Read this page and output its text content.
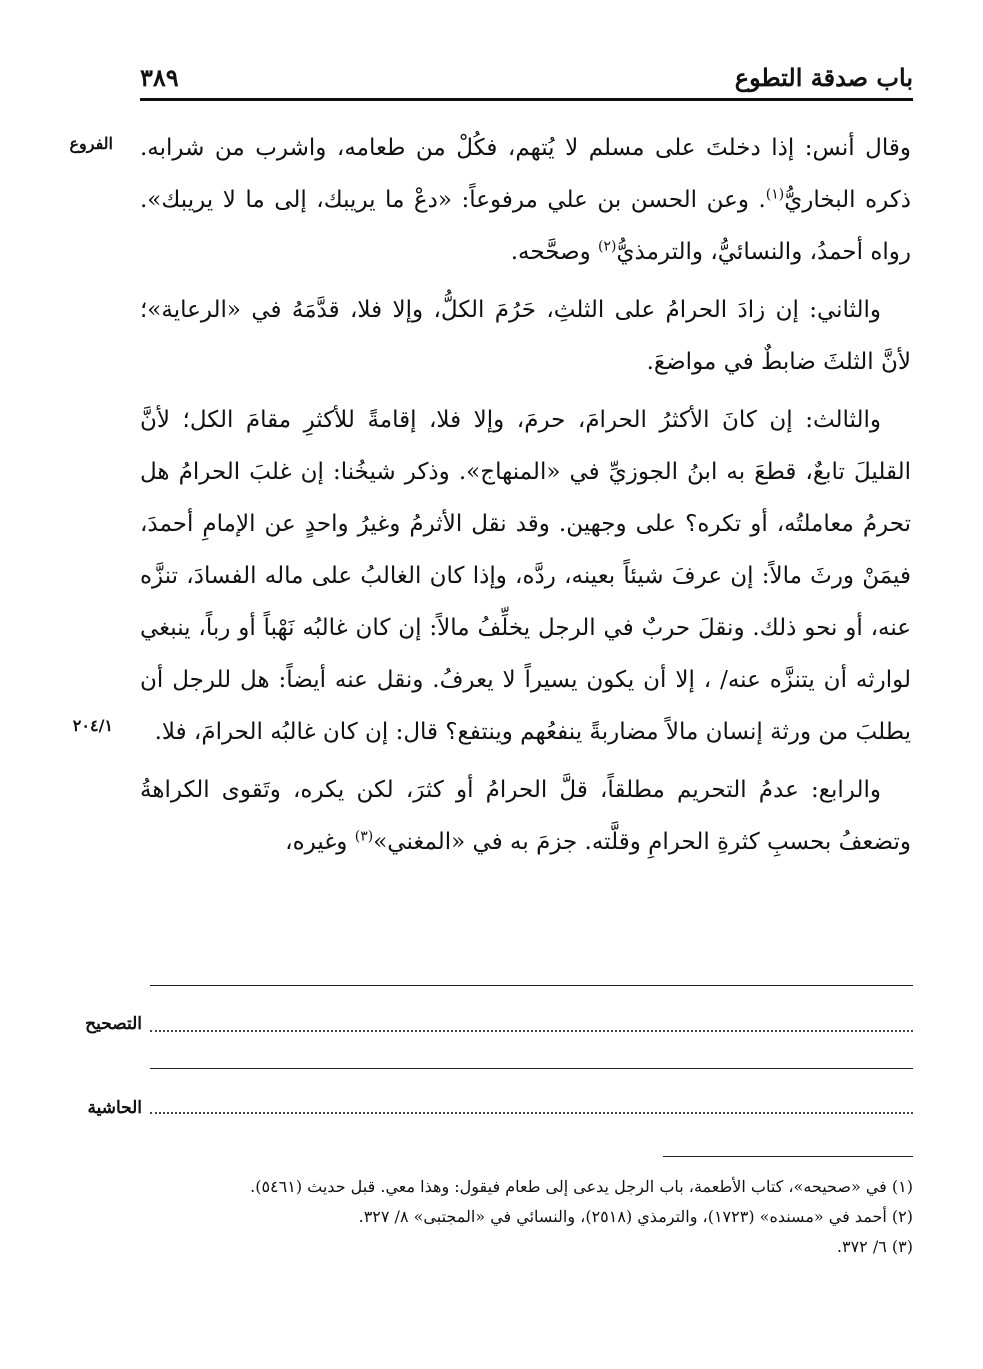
باب صدقة التطوع
٣٨٩
الفروع
٢٠٤/١

وقال أنس: إذا دخلتَ على مسلم لا يُتهم، فكُلْ من طعامه، واشرب من شرابه. ذكره البخاريُّ$^{(١)}$. وعن الحسن بن علي مرفوعاً: «دعْ ما يريبك، إلى ما لا يريبك». رواه أحمدُ، والنسائيُّ، والترمذيُّ$^{(٢)}$ وصحَّحه.

والثاني: إن زادَ الحرامُ على الثلثِ، حَرُمَ الكلُّ، وإلا فلا، قدَّمَهُ في «الرعاية»؛ لأنَّ الثلثَ ضابطٌ في مواضعَ.

والثالث: إن كانَ الأكثرُ الحرامَ، حرمَ، وإلا فلا، إقامةً للأكثرِ مقامَ الكل؛ لأنَّ القليلَ تابعٌ، قطعَ به ابنُ الجوزيِّ في «المنهاج». وذكر شيخُنا: إن غلبَ الحرامُ هل تحرمُ معاملتُه، أو تكره؟ على وجهين. وقد نقل الأثرمُ وغيرُ واحدٍ عن الإمامِ أحمدَ، فيمَنْ ورثَ مالاً: إن عرفَ شيئاً بعينه، ردَّه، وإذا كان الغالبُ على ماله الفسادَ، تنزَّه عنه، أو نحو ذلك. ونقلَ حربٌ في الرجل يخلِّفُ مالاً: إن كان غالبُه نَهْباً أو رباً، ينبغي لوارثه أن يتنزَّه عنه/ ، إلا أن يكون يسيراً لا يعرفُ. ونقل عنه أيضاً: هل للرجل أن يطلبَ من ورثة إنسان مالاً مضاربةً ينفعُهم وينتفع؟ قال: إن كان غالبُه الحرامَ، فلا.

والرابع: عدمُ التحريم مطلقاً، قلَّ الحرامُ أو كثرَ، لكن يكره، وتَقوى الكراهةُ وتضعفُ بحسبِ كثرةِ الحرامِ وقلَّته. جزمَ به في «المغني»$^{(٣)}$ وغيره،

التصحيح
الحاشية
(١) في «صحيحه»، كتاب الأطعمة، باب الرجل يدعى إلى طعام فيقول: وهذا معي. قبل حديث (٥٤٦١).
(٢) أحمد في «مسنده» (١٧٢٣)، والترمذي (٢٥١٨)، والنسائي في «المجتبى» ٨/ ٣٢٧.
(٣) ٦/ ٣٧٢.
